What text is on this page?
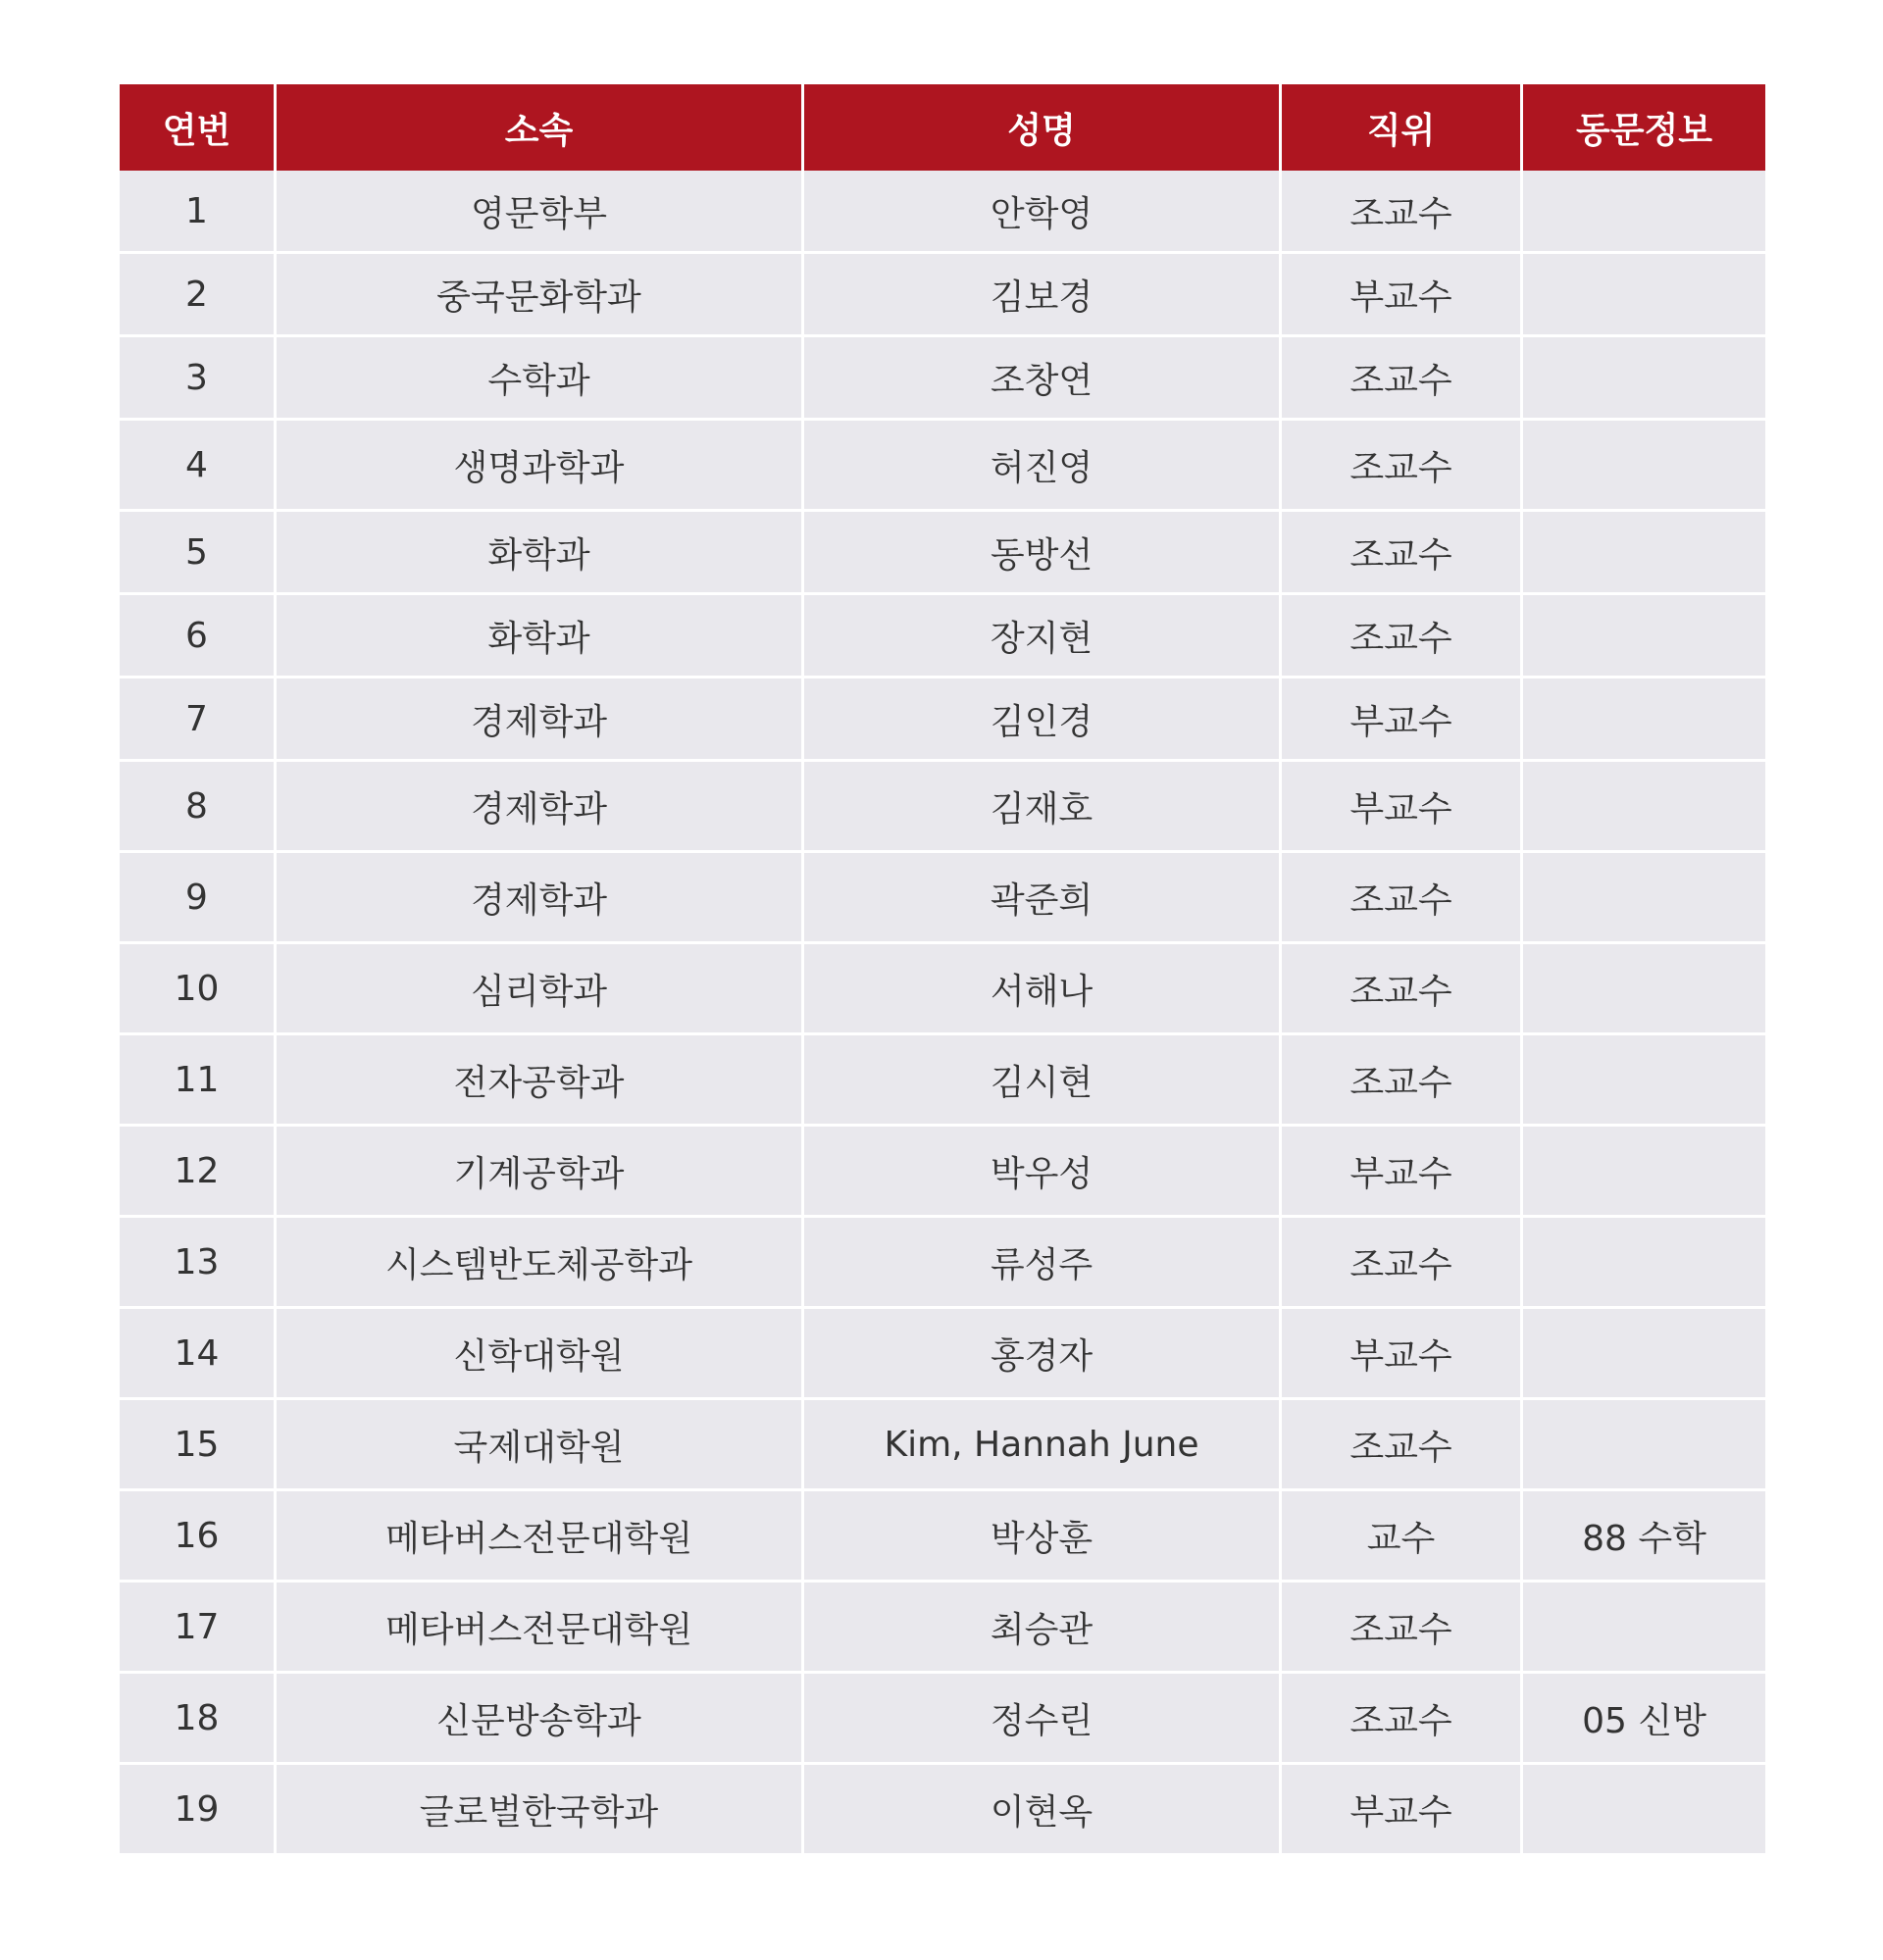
연번	소속	성명	직위	동문정보
1	영문학부	안학영	조교수	
2	중국문화학과	김보경	부교수	
3	수학과	조창연	조교수	
4	생명과학과	허진영	조교수	
5	화학과	동방선	조교수	
6	화학과	장지현	조교수	
7	경제학과	김인경	부교수	
8	경제학과	김재호	부교수	
9	경제학과	곽준희	조교수	
10	심리학과	서해나	조교수	
11	전자공학과	김시현	조교수	
12	기계공학과	박우성	부교수	
13	시스템반도체공학과	류성주	조교수	
14	신학대학원	홍경자	부교수	
15	국제대학원	Kim, Hannah June	조교수	
16	메타버스전문대학원	박상훈	교수	88 수학
17	메타버스전문대학원	최승관	조교수	
18	신문방송학과	정수린	조교수	05 신방
19	글로벌한국학과	이현옥	부교수	
